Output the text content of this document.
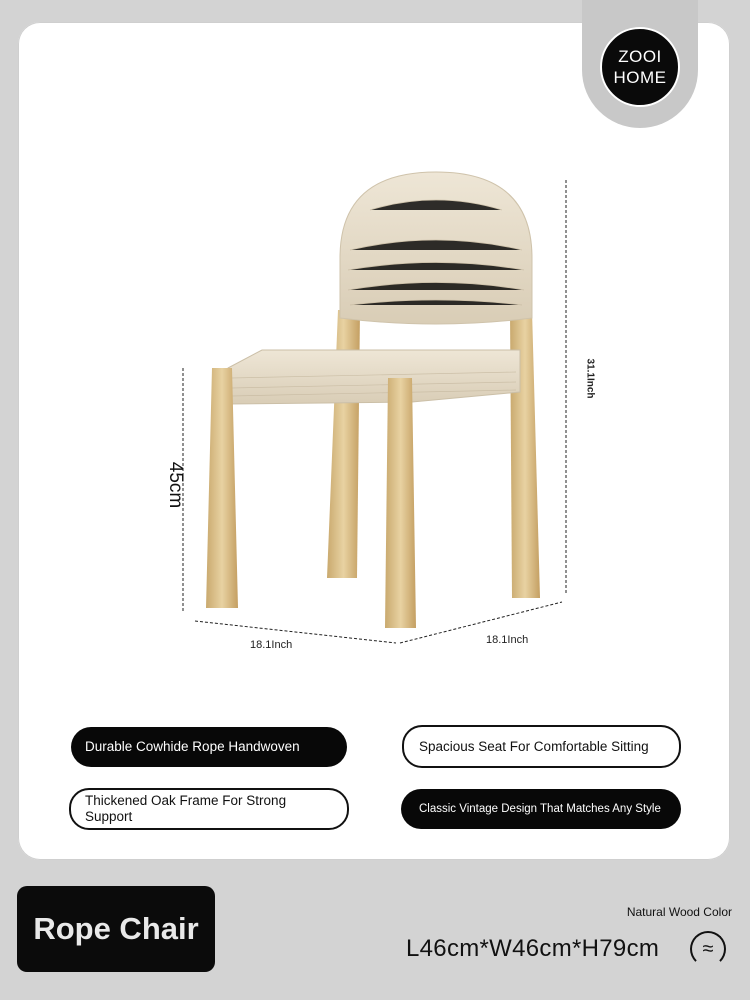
ZOOI
HOME
45cm
31.1Inch
18.1Inch	18.1Inch
Durable Cowhide Rope Handwoven	Spacious Seat For Comfortable Sitting
Thickened Oak Frame For Strong Support	Classic Vintage Design That Matches Any Style
Rope Chair	Natural Wood Color
L46cm*W46cm*H79cm	≈
